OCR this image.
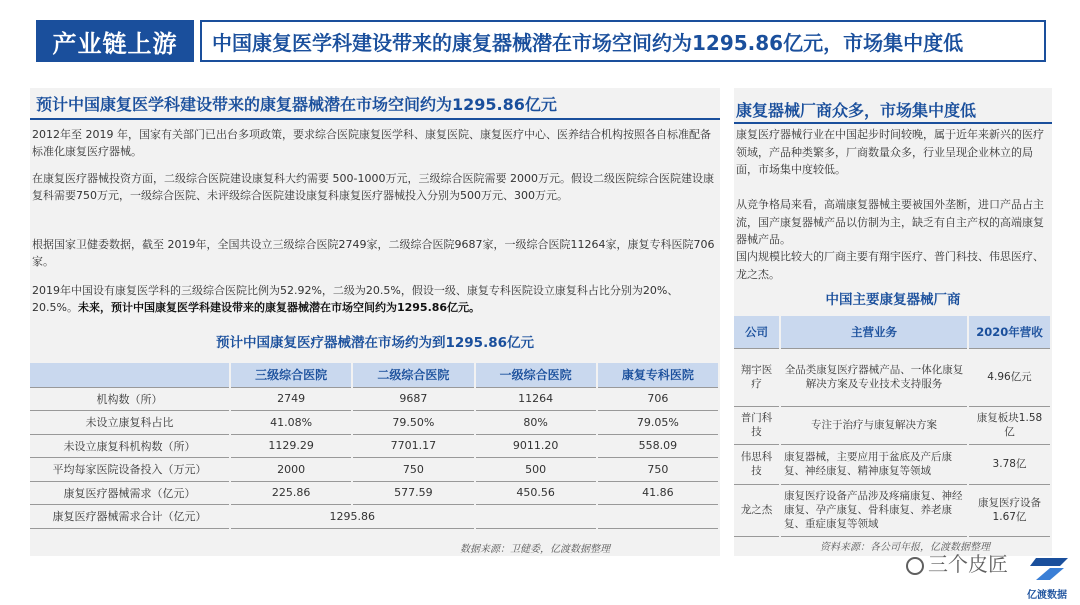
产业链上游	中国康复医学科建设带来的康复器械潜在市场空间约为1295.86亿元，市场集中度低
预计中国康复医学科建设带来的康复器械潜在市场空间约为1295.86亿元

2012年至 2019 年，国家有关部门已出台多项政策，要求综合医院康复医学科、康复医院、康复医疗中心、医养结合机构按照各自标准配备标准化康复医疗器械。

在康复医疗器械投资方面，二级综合医院建设康复科大约需要 500-1000万元，三级综合医院需要 2000万元。假设二级医院综合医院建设康复科需要750万元，一级综合医院、未评级综合医院建设康复科康复医疗器械投入分别为500万元、300万元。

根据国家卫健委数据，截至 2019年，全国共设立三级综合医院2749家，二级综合医院9687家，一级综合医院11264家，康复专科医院706家。

2019年中国设有康复医学科的三级综合医院比例为52.92%，二级为20.5%，假设一级、康复专科医院设立康复科占比分别为20%、20.5%。未来，预计中国康复医学科建设带来的康复器械潜在市场空间约为1295.86亿元。

预计中国康复医疗器械潜在市场约为到1295.86亿元
	三级综合医院	二级综合医院	一级综合医院	康复专科医院
机构数（所）	2749	9687	11264	706
未设立康复科占比	41.08%	79.50%	80%	79.05%
未设立康复科机构数（所）	1129.29	7701.17	9011.20	558.09
平均每家医院设备投入（万元）	2000	750	500	750
康复医疗器械需求（亿元）	225.86	577.59	450.56	41.86
康复医疗器械需求合计（亿元）	1295.86			
数据来源：卫健委，亿渡数据整理
康复器械厂商众多，市场集中度低

康复医疗器械行业在中国起步时间较晚，属于近年来新兴的医疗领域，产品种类繁多，厂商数量众多，行业呈现企业林立的局面，市场集中度较低。

从竞争格局来看，高端康复器械主要被国外垄断，进口产品占主流，国产康复器械产品以仿制为主，缺乏有自主产权的高端康复器械产品。

国内规模比较大的厂商主要有翔宇医疗、普门科技、伟思医疗、龙之杰。

中国主要康复器械厂商
公司	主营业务	2020年营收
翔宇医疗	全品类康复医疗器械产品、一体化康复解决方案及专业技术支持服务	4.96亿元
普门科技	专注于治疗与康复解决方案	康复板块1.58亿
伟思科技	康复器械，主要应用于盆底及产后康复、神经康复、精神康复等领域	3.78亿
龙之杰	康复医疗设备产品涉及疼痛康复、神经康复、孕产康复、骨科康复、养老康复、重症康复等领域	康复医疗设备1.67亿
资料来源：各公司年报，亿渡数据整理
三个皮匠
亿渡数据
